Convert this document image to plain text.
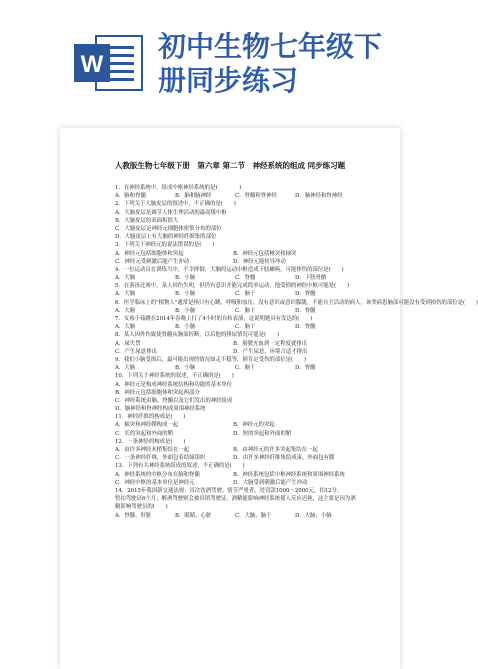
W
初中生物七年级下
册同步练习
人教版生物七年级下册　第六章 第二节　神经系统的组成 同步练习题
1．在神经系统中，组成中枢神经系统的是(　　　　)
A．脑和脊髓	B．脑和脑神经	C．脊髓和脊神经	D．脑神经和脊神经
2．下列关于大脑皮层的叙述中，不正确的是(　　)
A．大脑皮层是调节人体生理活动的最高级中枢
B．大脑皮层的表面积很大
C．大脑皮层是神经元细胞体密集分布的部位
D．大脑皮层上有大脑的神经纤维集的部位
3．下列关于神经元的说法错误的是(　　)
A．神经元包括细胞体和突起	B．神经元包括树突和轴突
C．神经元受刺激后能产生冲动	D．神经元能传导冲动
4．一位运动员在训练当中，不幸摔倒，大脑的运动中枢造成下肢瘫痪，可能摔伤的部位是(　　)
A．大脑	B．小脑	C．脊髓	D．下肢骨骼
5．在游泳比赛中，某人因伤失明，但仍有意识并能完成简单运动，他受损的神经中枢可能是(　　)
A．大脑	B．小脑	C．脑干	D．脊髓
6．医学临床上的"植物人"通常是指只有心跳、呼吸和血压，没有意识或意识朦胧，不能自主活动的病人。该类病患脑部可能没有受到损伤的部位是(　　)
A．大脑	B．小脑	C．脑干	D．脊髓
7．女孩小茹跳在2014年春晚上打了4小时的自转表演，这说明她具有发达的(　　)
A．大脑	B．小脑	C．脑干	D．脊髓
8．某人因外伤致使脊髓从胸部折断，以后他的排尿情况可能是(　　)
A．尿失禁	B．膀胱充血到一定程度就排出
C．产生尿意排出	D．产生尿意，环境合适才排出
9．我们小脑受损后，最可能出现的情况如走不稳等，则肯定受伤的部位是(　　)
A．大脑	B．小脑	C．脑干	D．脊髓
10．下列关于神经系统的叙述，不正确的是(　　)
A．神经元是构成神经系统结构和功能的基本单位
B．神经元包括细胞体和突起两部分
C．神经系统由脑、脊髓以及它们发出的神经组成
D．脑神经和脊神经构成周围神经系统
11．神经纤维的构成是(　　)
A．轴突和神经鞘构成一起	B．神经元的突起
C．长的突起和外面的鞘	D．短的突起和外面的鞘
12．一条神经的构成是(　　)
A．由许多神经末梢集结在一起	B．由神经元的许多突起集结在一起
C．一条神经纤维，外面包着结缔组织	D．由许多神经纤维集结成束，外面包有膜
13．下列有关神经系统组成的叙述，不正确的是(　　)
A．神经系统的中枢分布在脑和脊髓	B．神经系统包括中枢神经系统和周围神经系统
C．神经中枢的基本单位是神经元	D．大脑受到刺激后能产生冲动
14．2015年我国新交通法规：首次饮酒驾驶、情节严重者，处罚款1000～2000元，扣12分，
暂扣驾驶证6个月；醉酒驾驶则会被吊销驾驶证。酒精能影响神经系统使人反应迟钝，这主要是因为酒
精影响驾驶员的(　　)
A．脊髓、肝脏	B．眼睛、心脏	C．大脑、脑干	D．大脑、小脑
